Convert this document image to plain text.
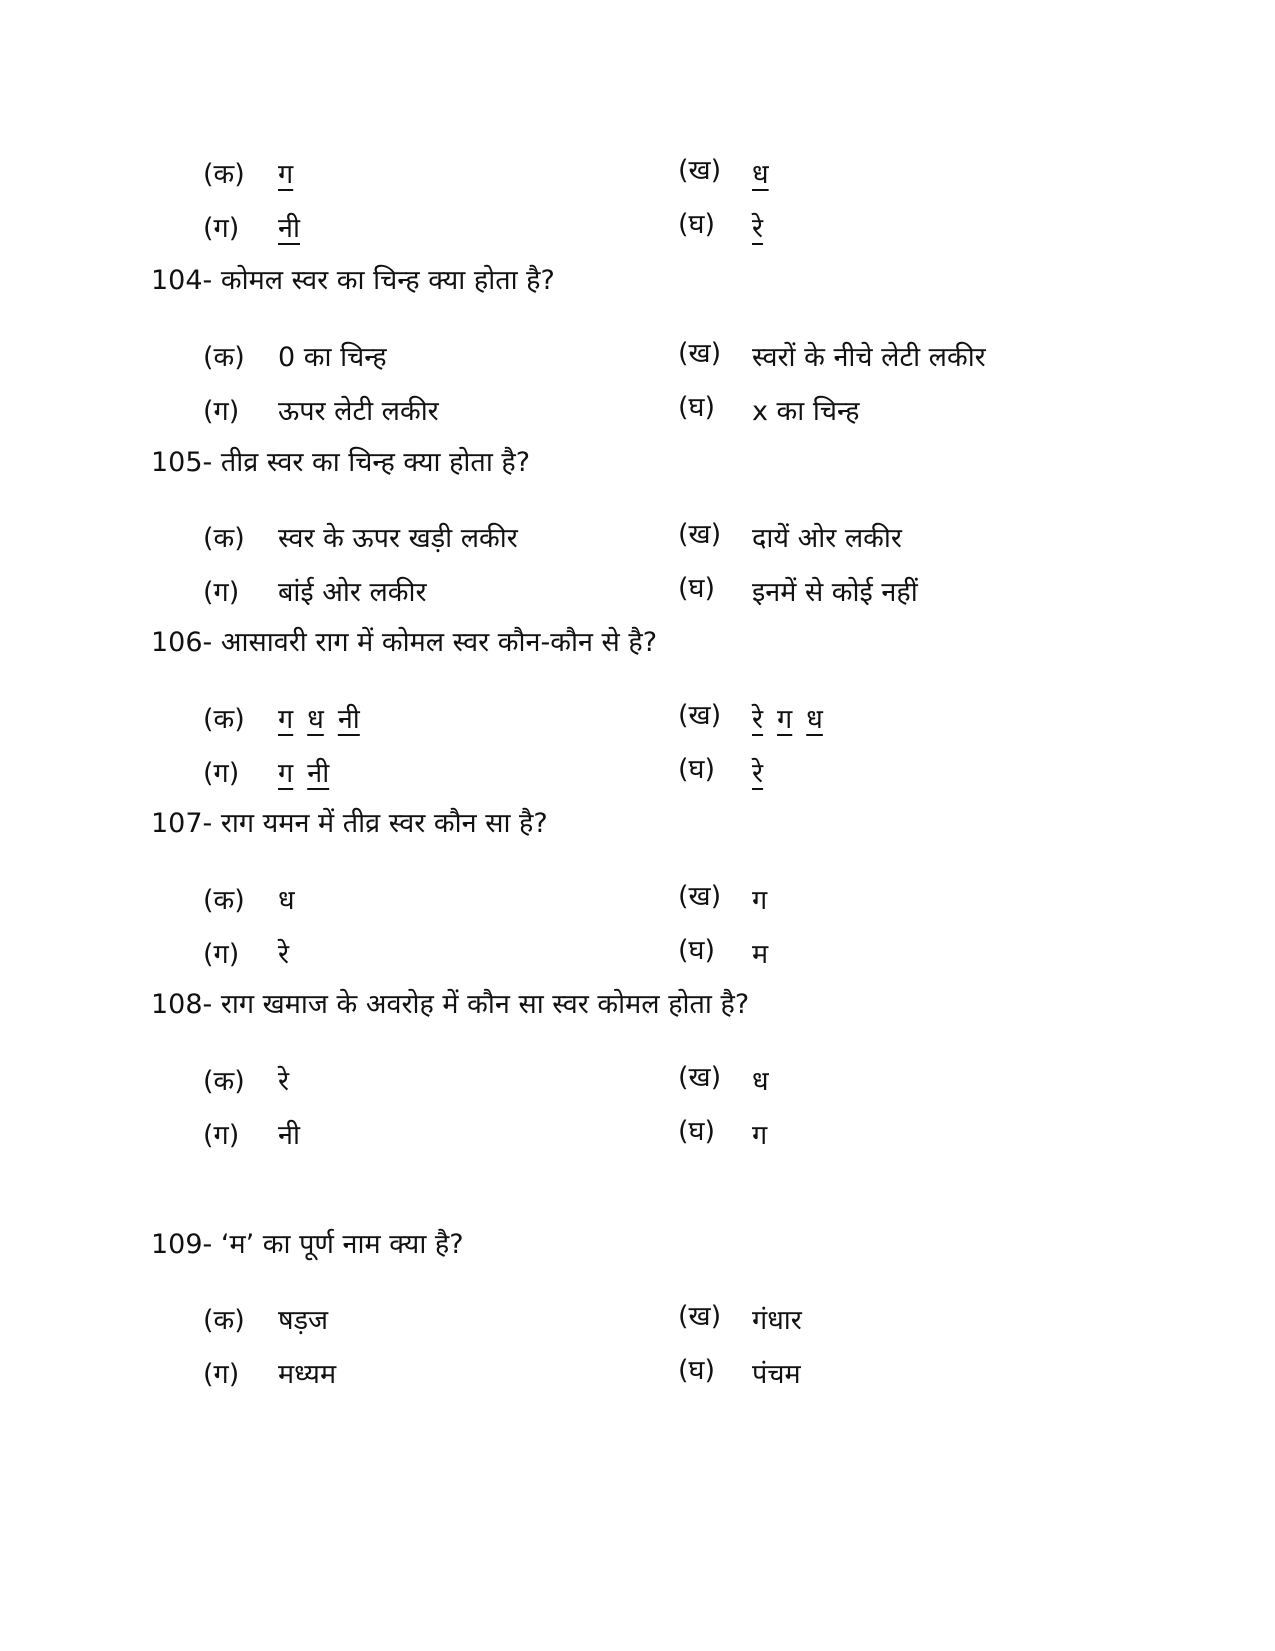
(क) ग	(ख) ध
(ग) नी	(घ) रे
104- कोमल स्वर का चिन्ह क्या होता है?
(क) 0 का चिन्ह	(ख) स्वरों के नीचे लेटी लकीर
(ग) ऊपर लेटी लकीर	(घ) x का चिन्ह
105- तीव्र स्वर का चिन्ह क्या होता है?
(क) स्वर के ऊपर खड़ी लकीर	(ख) दायें ओर लकीर
(ग) बांई ओर लकीर	(घ) इनमें से कोई नहीं
106- आसावरी राग में कोमल स्वर कौन-कौन से है?
(क) ग ध नी	(ख) रे ग ध
(ग) ग नी	(घ) रे
107- राग यमन में तीव्र स्वर कौन सा है?
(क) ध	(ख) ग
(ग) रे	(घ) म
108- राग खमाज के अवरोह में कौन सा स्वर कोमल होता है?
(क) रे	(ख) ध
(ग) नी	(घ) ग
109- ‘म’ का पूर्ण नाम क्या है?
(क) षड़ज	(ख) गंधार
(ग) मध्यम	(घ) पंचम
